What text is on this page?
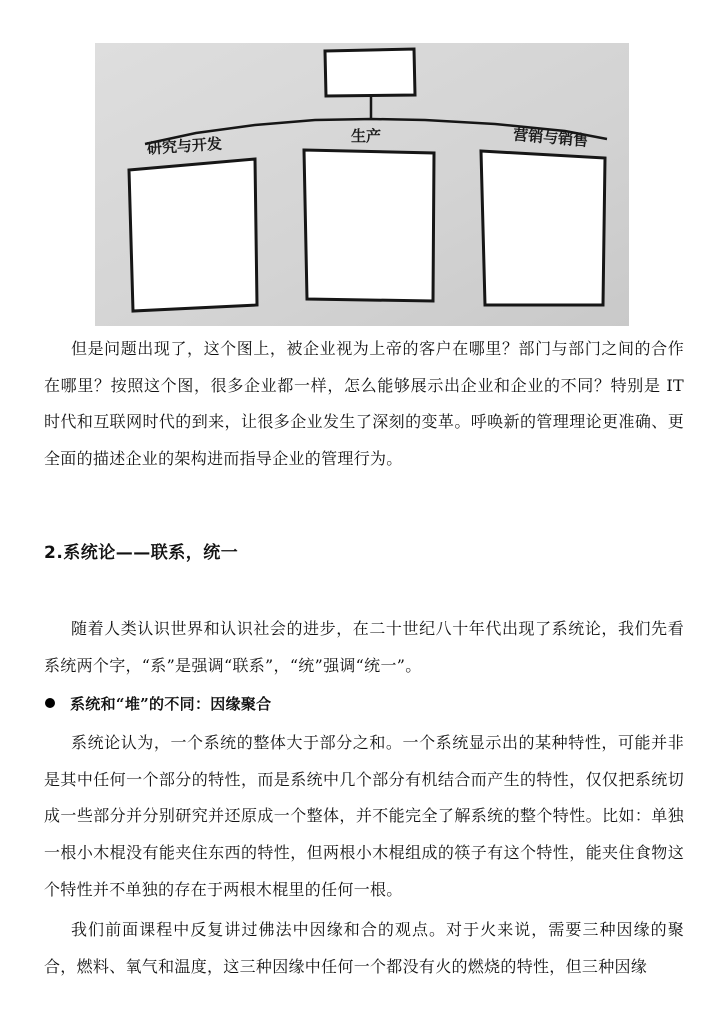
研究与开发	生产	营销与销售

但是问题出现了，这个图上，被企业视为上帝的客户在哪里？部门与部门之间的合作在哪里？按照这个图，很多企业都一样，怎么能够展示出企业和企业的不同？特别是 IT 时代和互联网时代的到来，让很多企业发生了深刻的变革。呼唤新的管理理论更准确、更全面的描述企业的架构进而指导企业的管理行为。

2.系统论——联系，统一

随着人类认识世界和认识社会的进步，在二十世纪八十年代出现了系统论，我们先看系统两个字，“系”是强调“联系”，“统”强调“统一”。

系统和“堆”的不同：因缘聚合

系统论认为，一个系统的整体大于部分之和。一个系统显示出的某种特性，可能并非是其中任何一个部分的特性，而是系统中几个部分有机结合而产生的特性，仅仅把系统切成一些部分并分别研究并还原成一个整体，并不能完全了解系统的整个特性。比如：单独一根小木棍没有能夹住东西的特性，但两根小木棍组成的筷子有这个特性，能夹住食物这个特性并不单独的存在于两根木棍里的任何一根。

我们前面课程中反复讲过佛法中因缘和合的观点。对于火来说，需要三种因缘的聚合，燃料、氧气和温度，这三种因缘中任何一个都没有火的燃烧的特性，但三种因缘
